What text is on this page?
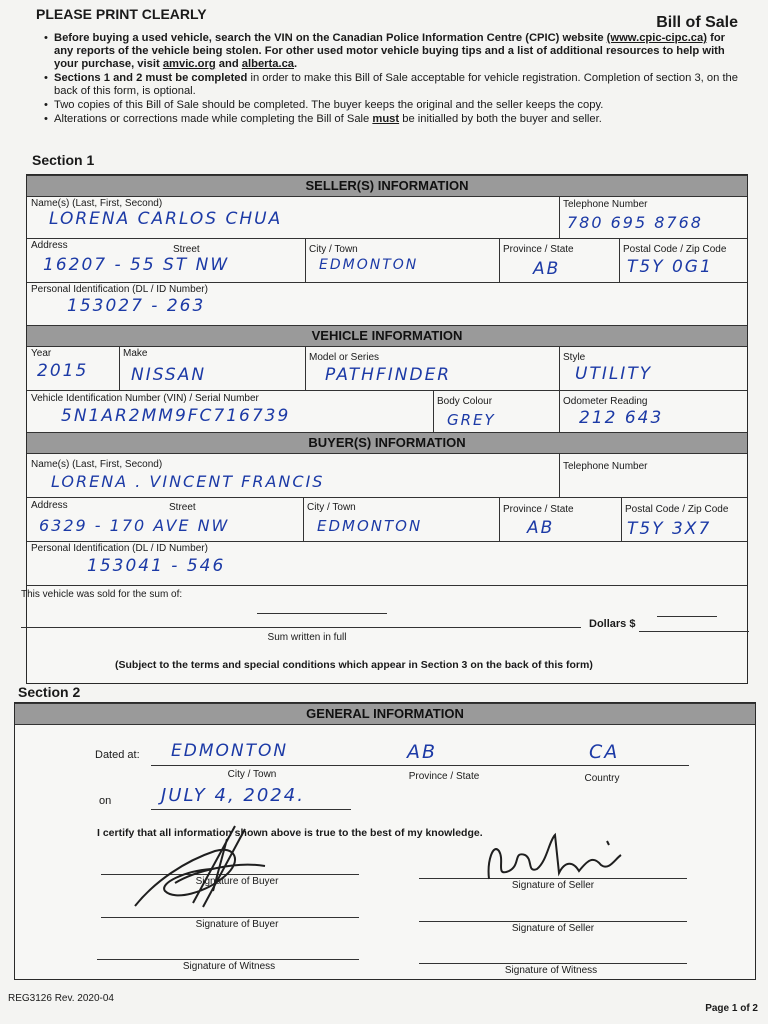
PLEASE PRINT CLEARLY	Bill of Sale
• Before buying a used vehicle, search the VIN on the Canadian Police Information Centre (CPIC) website (www.cpic-cipc.ca) for any reports of the vehicle being stolen. For other used motor vehicle buying tips and a list of additional resources to help with your purchase, visit amvic.org and alberta.ca.
• Sections 1 and 2 must be completed in order to make this Bill of Sale acceptable for vehicle registration. Completion of section 3, on the back of this form, is optional.
• Two copies of this Bill of Sale should be completed. The buyer keeps the original and the seller keeps the copy.
• Alterations or corrections made while completing the Bill of Sale must be initialled by both the buyer and seller.
Section 1
SELLER(S) INFORMATION
Name(s) (Last, First, Second)
LORENA CARLOS CHUA
Telephone Number
780 695 8768
Address	Street
16207 - 55 ST NW
City / Town
EDMONTON
Province / State
AB
Postal Code / Zip Code
T5Y 0G1
Personal Identification (DL / ID Number)
153027 - 263
VEHICLE INFORMATION
Year
2015
Make
NISSAN
Model or Series
PATHFINDER
Style
UTILITY
Vehicle Identification Number (VIN) / Serial Number
5N1AR2MM9FC716739
Body Colour
GREY
Odometer Reading
212 643
BUYER(S) INFORMATION
Name(s) (Last, First, Second)
LORENA . VINCENT FRANCIS
Telephone Number
Address	Street
6329 - 170 AVE NW
City / Town
EDMONTON
Province / State
AB
Postal Code / Zip Code
T5Y 3X7
Personal Identification (DL / ID Number)
153041 - 546
This vehicle was sold for the sum of:
Dollars $
Sum written in full
(Subject to the terms and special conditions which appear in Section 3 on the back of this form)
Section 2
GENERAL INFORMATION
Dated at: EDMONTON	AB	CA
City / Town	Province / State	Country
on	JULY 4, 2024.
I certify that all information shown above is true to the best of my knowledge.
Signature of Buyer	Signature of Seller
Signature of Buyer	Signature of Seller
Signature of Witness	Signature of Witness
REG3126 Rev. 2020-04
Page 1 of 2
